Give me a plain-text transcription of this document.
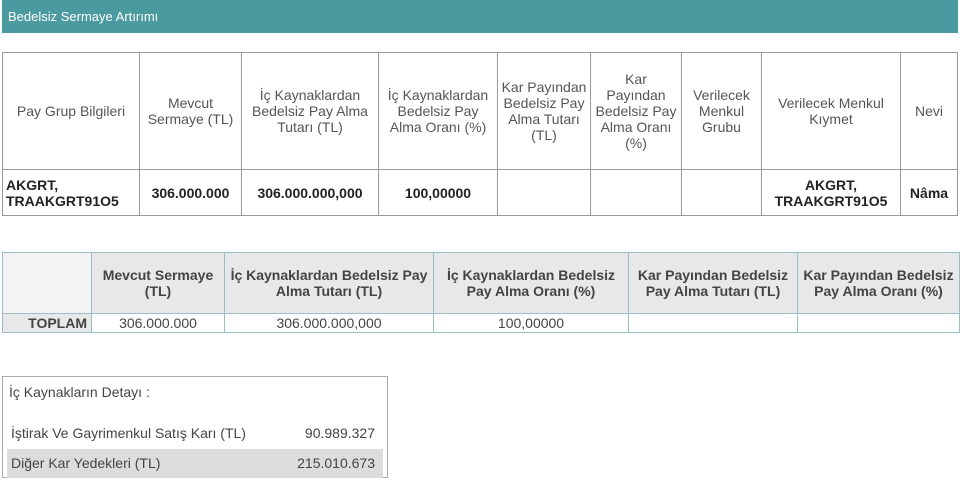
Bedelsiz Sermaye Artırımı
Pay Grup Bilgileri	Mevcut Sermaye (TL)	İç Kaynaklardan Bedelsiz Pay Alma Tutarı (TL)	İç Kaynaklardan Bedelsiz Pay Alma Oranı (%)	Kar Payından Bedelsiz Pay Alma Tutarı (TL)	Kar Payından Bedelsiz Pay Alma Oranı (%)	Verilecek Menkul Grubu	Verilecek Menkul Kıymet	Nevi
AKGRT, TRAAKGRT91O5	306.000.000	306.000.000,000	100,00000				AKGRT, TRAAKGRT91O5	Nâma
	Mevcut Sermaye (TL)	İç Kaynaklardan Bedelsiz Pay Alma Tutarı (TL)	İç Kaynaklardan Bedelsiz Pay Alma Oranı (%)	Kar Payından Bedelsiz Pay Alma Tutarı (TL)	Kar Payından Bedelsiz Pay Alma Oranı (%)
TOPLAM	306.000.000	306.000.000,000	100,00000		
İç Kaynakların Detayı :
İştirak Ve Gayrimenkul Satış Karı (TL)	90.989.327
Diğer Kar Yedekleri (TL)	215.010.673
